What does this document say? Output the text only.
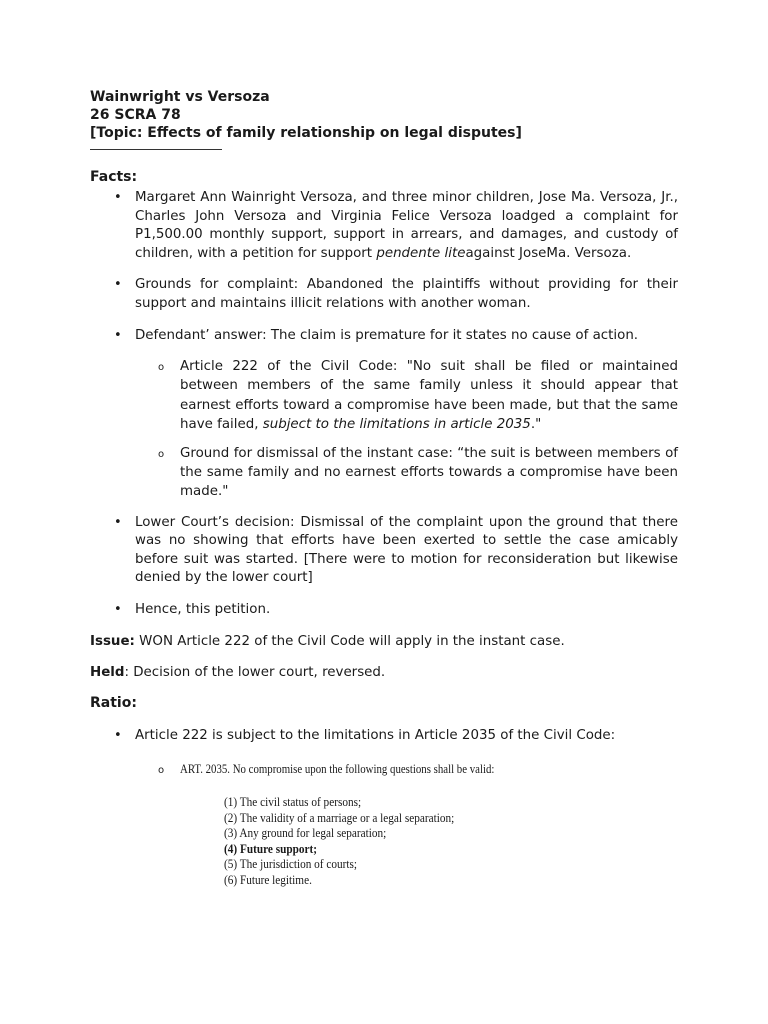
Wainwright vs Versoza

26 SCRA 78

[Topic: Effects of family relationship on legal disputes]

Facts:

• Margaret Ann Wainright Versoza, and three minor children, Jose Ma. Versoza, Jr., Charles John Versoza and Virginia Felice Versoza loadged a complaint for P1,500.00 monthly support, support in arrears, and damages, and custody of children, with a petition for support pendente liteagainst JoseMa. Versoza.
• Grounds for complaint: Abandoned the plaintiffs without providing for their support and maintains illicit relations with another woman.
• Defendant’ answer: The claim is premature for it states no cause of action.
o Article 222 of the Civil Code: "No suit shall be filed or maintained between members of the same family unless it should appear that earnest efforts toward a compromise have been made, but that the same have failed, subject to the limitations in article 2035."
o Ground for dismissal of the instant case: “the suit is between members of the same family and no earnest efforts towards a compromise have been made."
• Lower Court’s decision: Dismissal of the complaint upon the ground that there was no showing that efforts have been exerted to settle the case amicably before suit was started. [There were to motion for reconsideration but likewise denied by the lower court]
• Hence, this petition.

Issue: WON Article 222 of the Civil Code will apply in the instant case.

Held: Decision of the lower court, reversed.

Ratio:

• Article 222 is subject to the limitations in Article 2035 of the Civil Code:
o ART. 2035. No compromise upon the following questions shall be valid:
(1) The civil status of persons;
(2) The validity of a marriage or a legal separation;
(3) Any ground for legal separation;
(4) Future support;
(5) The jurisdiction of courts;
(6) Future legitime.
